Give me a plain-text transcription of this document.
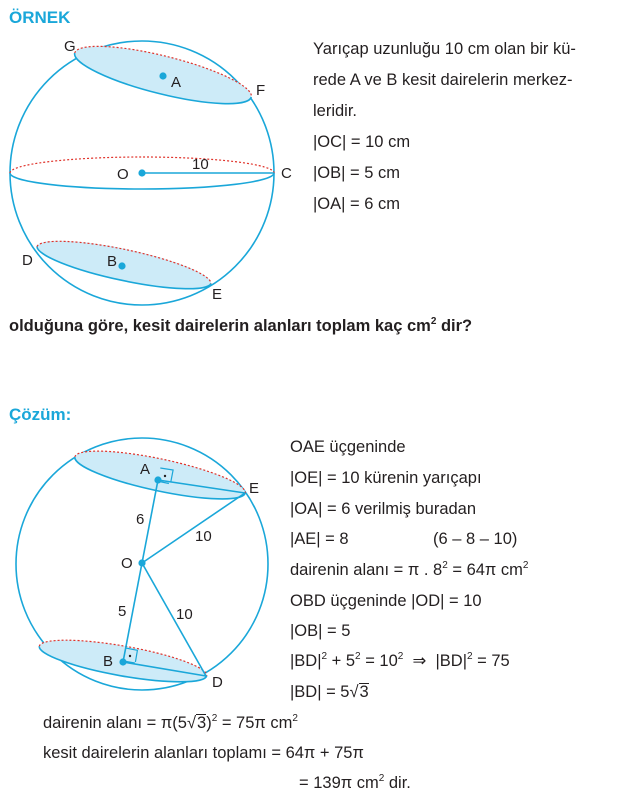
ÖRNEK
G
A	F
10
O	C
D	B
E
Yarıçap uzunluğu 10 cm olan bir kü-
rede A ve B kesit dairelerin merkez-
leridir.
|OC| = 10 cm
|OB| = 5 cm
|OA| = 6 cm
olduğuna göre, kesit dairelerin alanları toplam kaç $cm^2$ dir?
Çözüm:
A
E
6
10
O
5	10
B
D
OAE üçgeninde
|OE| = 10 kürenin yarıçapı
|OA| = 6 verilmiş buradan
|AE| = 8	(6 – 8 – 10)
dairenin alanı = π . $8^2 = 64\pi$ $cm^2$
OBD üçgeninde |OD| = 10
|OB| = 5
$|BD|^2 + 5^2 = 10^2$ ⇒ $|BD|^2 = 75$
|BD| = 5√3
dairenin alanı = $\pi(5√3)^2 = 75\pi$ $cm^2$
kesit dairelerin alanları toplamı = 64π + 75π
= 139π $cm^2$ dir.
